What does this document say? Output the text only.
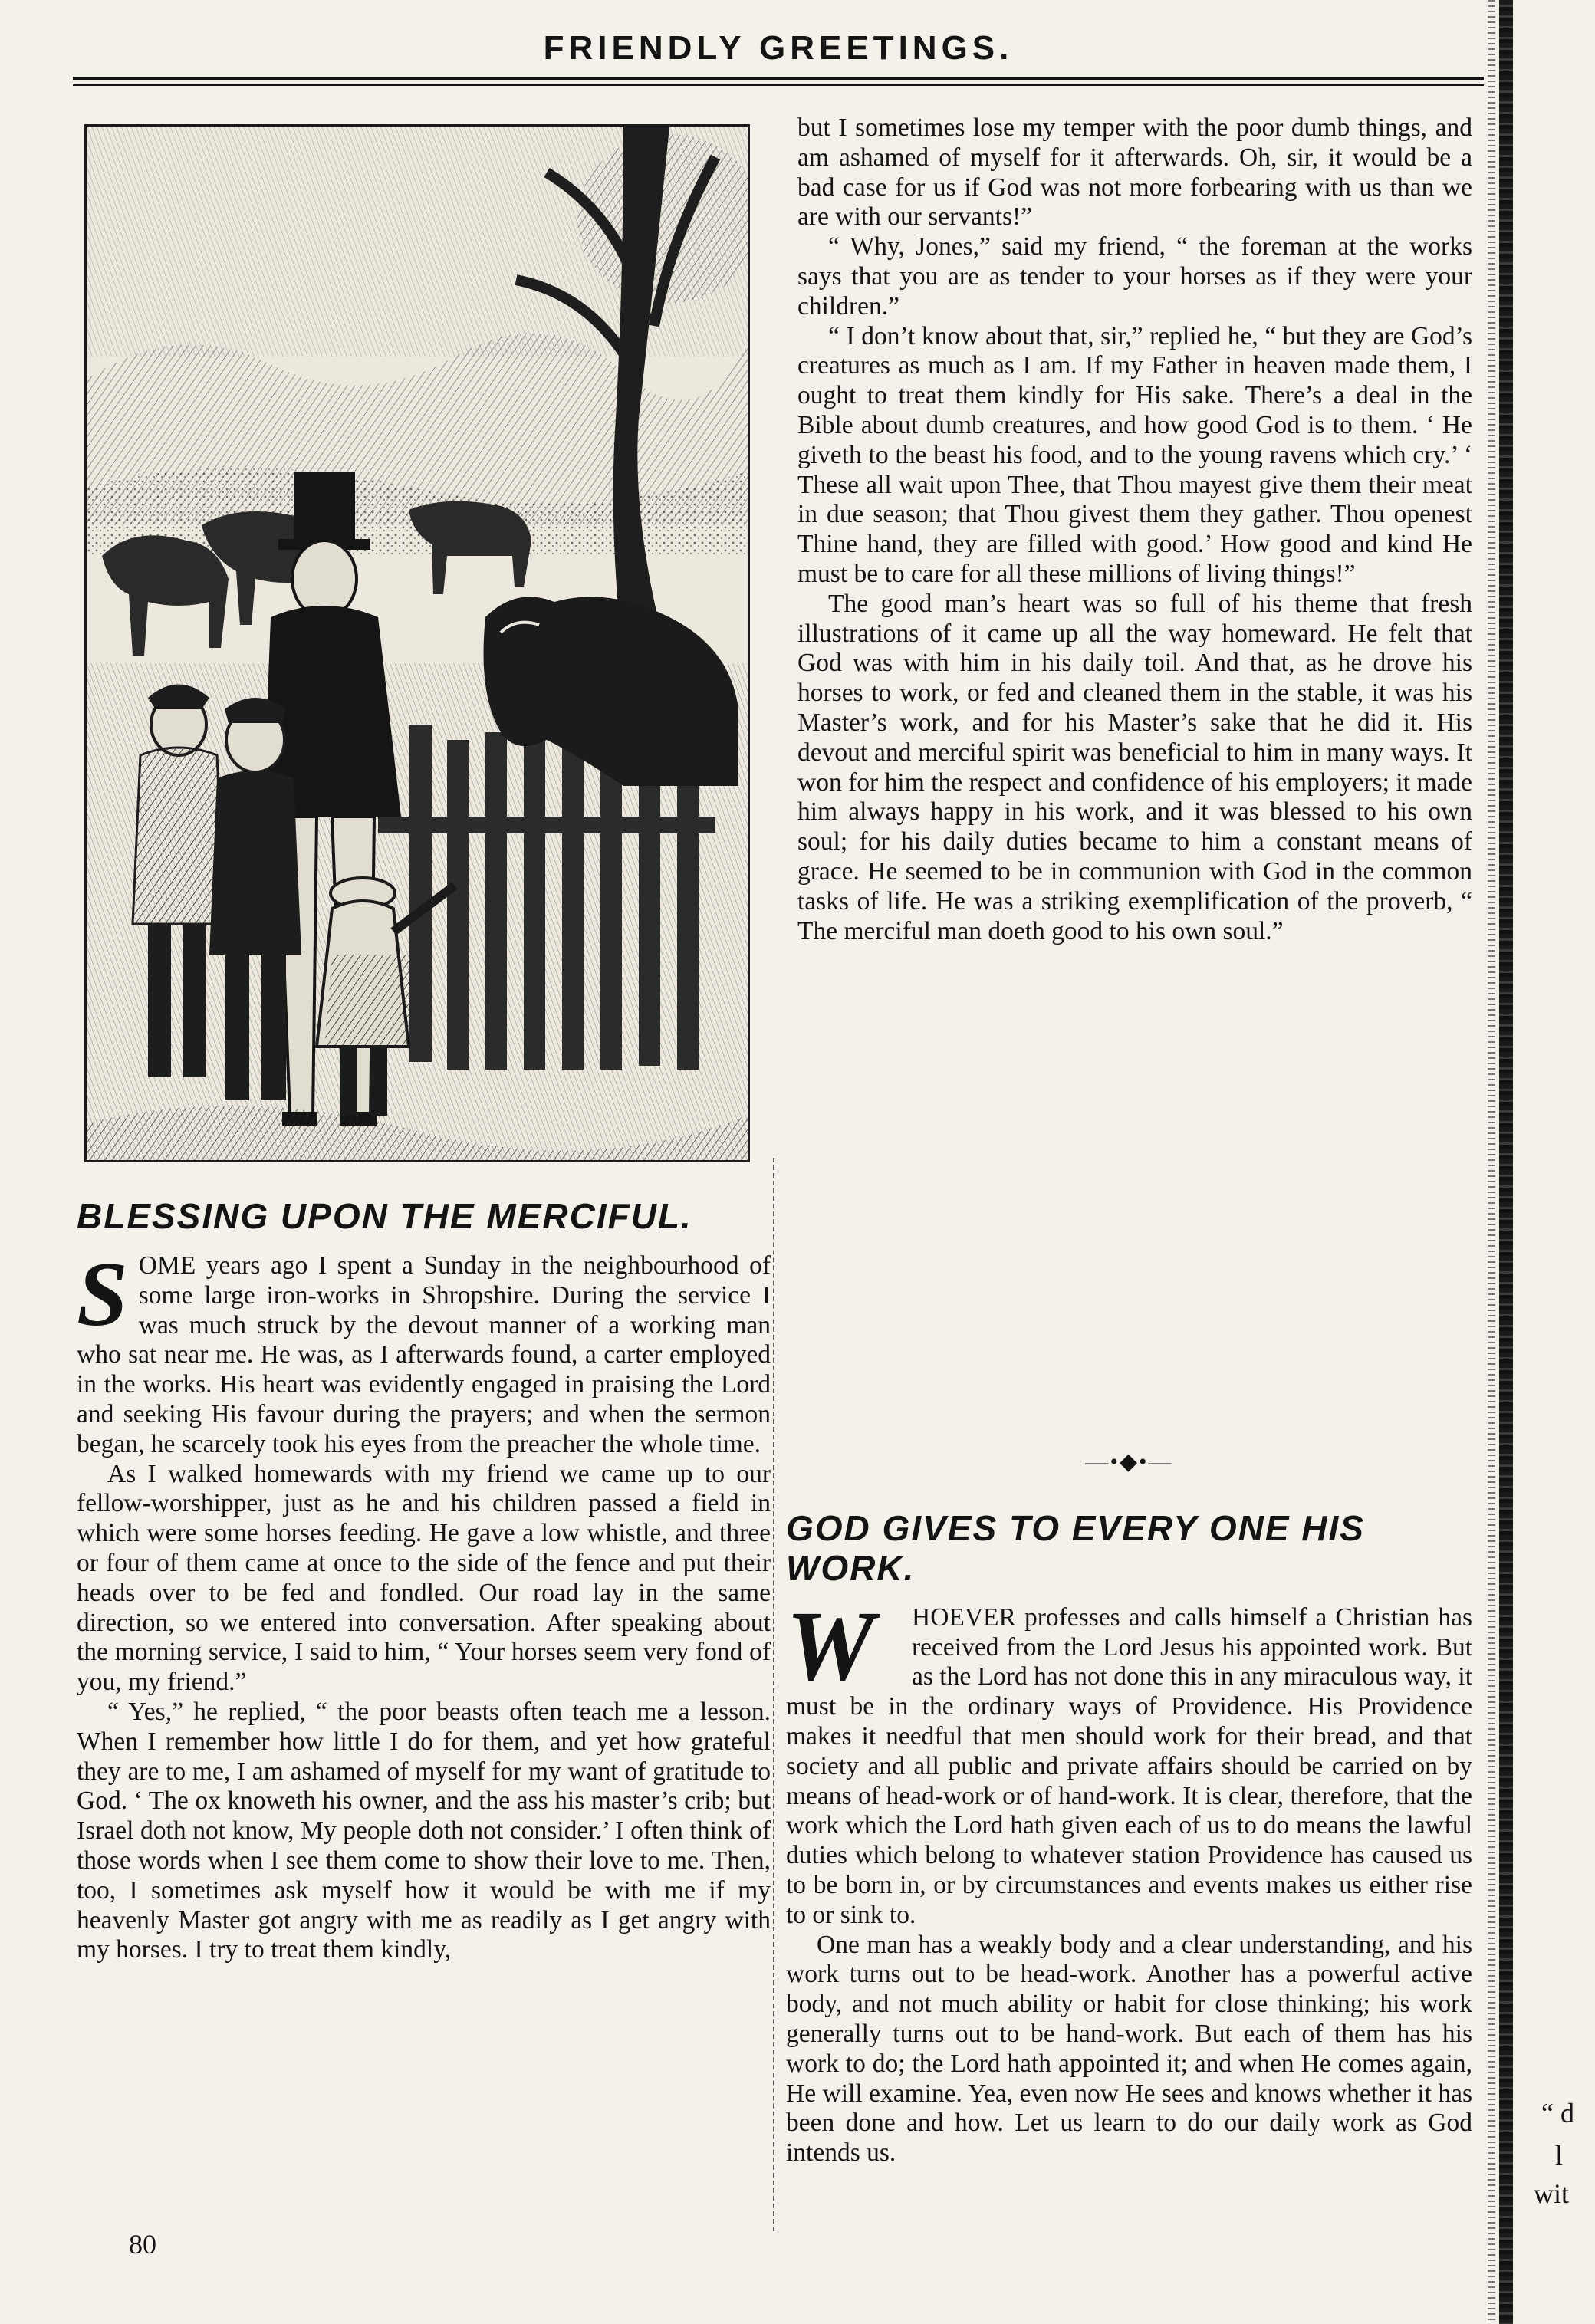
FRIENDLY GREETINGS.
BLESSING UPON THE MERCIFUL.

S OME years ago I spent a Sunday in the neighbourhood of some large iron-works in Shropshire. During the service I was much struck by the devout manner of a working man who sat near me. He was, as I afterwards found, a carter employed in the works. His heart was evidently engaged in praising the Lord and seeking His favour during the prayers; and when the sermon began, he scarcely took his eyes from the preacher the whole time.

As I walked homewards with my friend we came up to our fellow-worshipper, just as he and his children passed a field in which were some horses feeding. He gave a low whistle, and three or four of them came at once to the side of the fence and put their heads over to be fed and fondled. Our road lay in the same direction, so we entered into conversation. After speaking about the morning service, I said to him, “ Your horses seem very fond of you, my friend.”

“ Yes,” he replied, “ the poor beasts often teach me a lesson. When I remember how little I do for them, and yet how grateful they are to me, I am ashamed of myself for my want of gratitude to God. ‘ The ox knoweth his owner, and the ass his master’s crib; but Israel doth not know, My people doth not consider.’ I often think of those words when I see them come to show their love to me. Then, too, I sometimes ask myself how it would be with me if my heavenly Master got angry with me as readily as I get angry with my horses. I try to treat them kindly,

but I sometimes lose my temper with the poor dumb things, and am ashamed of myself for it afterwards. Oh, sir, it would be a bad case for us if God was not more forbearing with us than we are with our servants!”

“ Why, Jones,” said my friend, “ the foreman at the works says that you are as tender to your horses as if they were your children.”

“ I don’t know about that, sir,” replied he, “ but they are God’s creatures as much as I am. If my Father in heaven made them, I ought to treat them kindly for His sake. There’s a deal in the Bible about dumb creatures, and how good God is to them. ‘ He giveth to the beast his food, and to the young ravens which cry.’ ‘ These all wait upon Thee, that Thou mayest give them their meat in due season; that Thou givest them they gather. Thou openest Thine hand, they are filled with good.’ How good and kind He must be to care for all these millions of living things!”

The good man’s heart was so full of his theme that fresh illustrations of it came up all the way homeward. He felt that God was with him in his daily toil. And that, as he drove his horses to work, or fed and cleaned them in the stable, it was his Master’s work, and for his Master’s sake that he did it. His devout and merciful spirit was beneficial to him in many ways. It won for him the respect and confidence of his employers; it made him always happy in his work, and it was blessed to his own soul; for his daily duties became to him a constant means of grace. He seemed to be in communion with God in the common tasks of life. He was a striking exemplification of the proverb, “ The merciful man doeth good to his own soul.”

—•◆•—
GOD GIVES TO EVERY ONE HIS WORK.

W	HOEVER professes and calls himself a Christian has received from the Lord Jesus his appointed work. But as the Lord has not done this in any miraculous way, it must be in the ordinary ways of Providence. His Providence makes it needful that men should work for their bread, and that society and all public and private affairs should be carried on by means of head-work or of hand-work. It is clear, therefore, that the work which the Lord hath given each of us to do means the lawful duties which belong to whatever station Providence has caused us to be born in, or by circumstances and events makes us either rise to or sink to.

One man has a weakly body and a clear understanding, and his work turns out to be head-work. Another has a powerful active body, and not much ability or habit for close thinking; his work generally turns out to be hand-work. But each of them has his work to do; the Lord hath appointed it; and when He comes again, He will examine. Yea, even now He sees and knows whether it has been done and how. Let us learn to do our daily work as God intends us.

80
“ d
l
wit
